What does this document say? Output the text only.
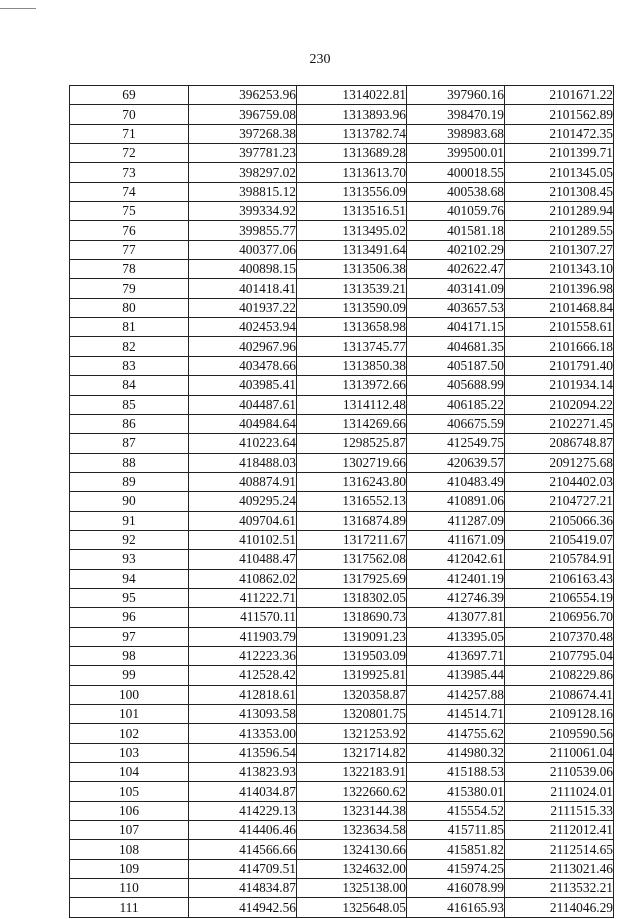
230
69	396253.96	1314022.81	397960.16	2101671.22
70	396759.08	1313893.96	398470.19	2101562.89
71	397268.38	1313782.74	398983.68	2101472.35
72	397781.23	1313689.28	399500.01	2101399.71
73	398297.02	1313613.70	400018.55	2101345.05
74	398815.12	1313556.09	400538.68	2101308.45
75	399334.92	1313516.51	401059.76	2101289.94
76	399855.77	1313495.02	401581.18	2101289.55
77	400377.06	1313491.64	402102.29	2101307.27
78	400898.15	1313506.38	402622.47	2101343.10
79	401418.41	1313539.21	403141.09	2101396.98
80	401937.22	1313590.09	403657.53	2101468.84
81	402453.94	1313658.98	404171.15	2101558.61
82	402967.96	1313745.77	404681.35	2101666.18
83	403478.66	1313850.38	405187.50	2101791.40
84	403985.41	1313972.66	405688.99	2101934.14
85	404487.61	1314112.48	406185.22	2102094.22
86	404984.64	1314269.66	406675.59	2102271.45
87	410223.64	1298525.87	412549.75	2086748.87
88	418488.03	1302719.66	420639.57	2091275.68
89	408874.91	1316243.80	410483.49	2104402.03
90	409295.24	1316552.13	410891.06	2104727.21
91	409704.61	1316874.89	411287.09	2105066.36
92	410102.51	1317211.67	411671.09	2105419.07
93	410488.47	1317562.08	412042.61	2105784.91
94	410862.02	1317925.69	412401.19	2106163.43
95	411222.71	1318302.05	412746.39	2106554.19
96	411570.11	1318690.73	413077.81	2106956.70
97	411903.79	1319091.23	413395.05	2107370.48
98	412223.36	1319503.09	413697.71	2107795.04
99	412528.42	1319925.81	413985.44	2108229.86
100	412818.61	1320358.87	414257.88	2108674.41
101	413093.58	1320801.75	414514.71	2109128.16
102	413353.00	1321253.92	414755.62	2109590.56
103	413596.54	1321714.82	414980.32	2110061.04
104	413823.93	1322183.91	415188.53	2110539.06
105	414034.87	1322660.62	415380.01	2111024.01
106	414229.13	1323144.38	415554.52	2111515.33
107	414406.46	1323634.58	415711.85	2112012.41
108	414566.66	1324130.66	415851.82	2112514.65
109	414709.51	1324632.00	415974.25	2113021.46
110	414834.87	1325138.00	416078.99	2113532.21
111	414942.56	1325648.05	416165.93	2114046.29
